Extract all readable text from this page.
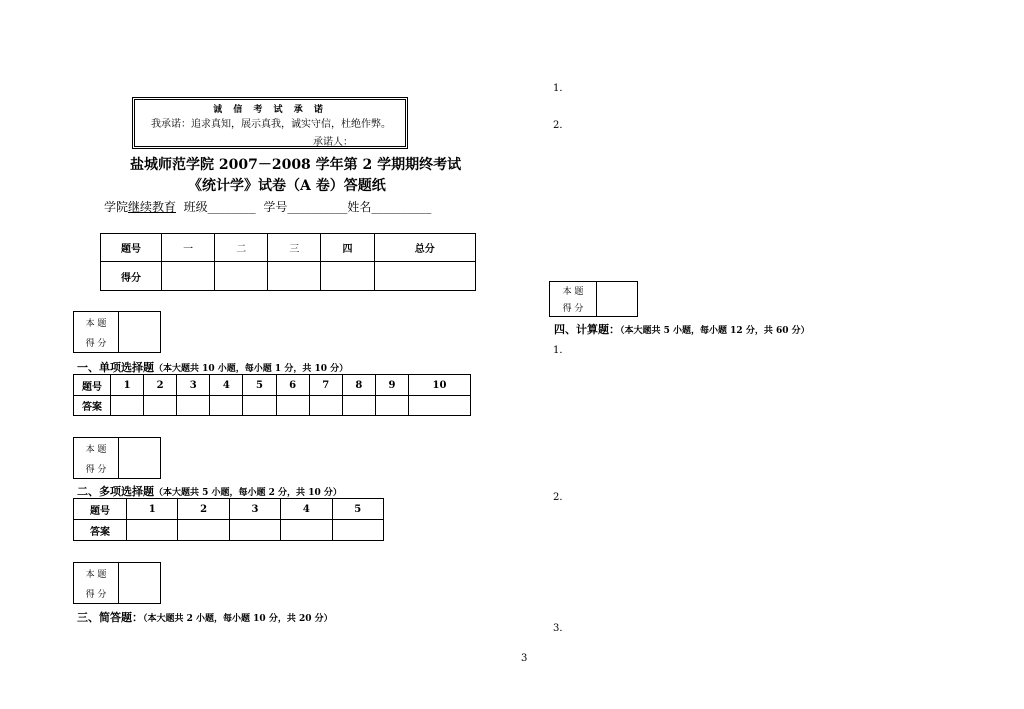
诚 信 考 试 承 诺
我承诺：追求真知，展示真我，诚实守信，杜绝作弊。
承诺人：
盐城师范学院 2007－2008 学年第 2 学期期终考试
《统计学》试卷（A 卷）答题纸
学院继续教育 班级________ 学号__________姓名__________
题号	一	二	三	四	总分
得分					
本 题	
得 分
一、单项选择题（本大题共 10 小题，每小题 1 分，共 10 分）
题号	1	2	3	4	5	6	7	8	9	10
答案										
本 题	
得 分
二、多项选择题（本大题共 5 小题，每小题 2 分，共 10 分）
题号	1	2	3	4	5
答案					
本 题	
得 分
三、简答题：（本大题共 2 小题，每小题 10 分，共 20 分）
1．
2．
本 题	
得 分
四、计算题：（本大题共 5 小题，每小题 12 分，共 60 分）
1．
2．
3．
3
